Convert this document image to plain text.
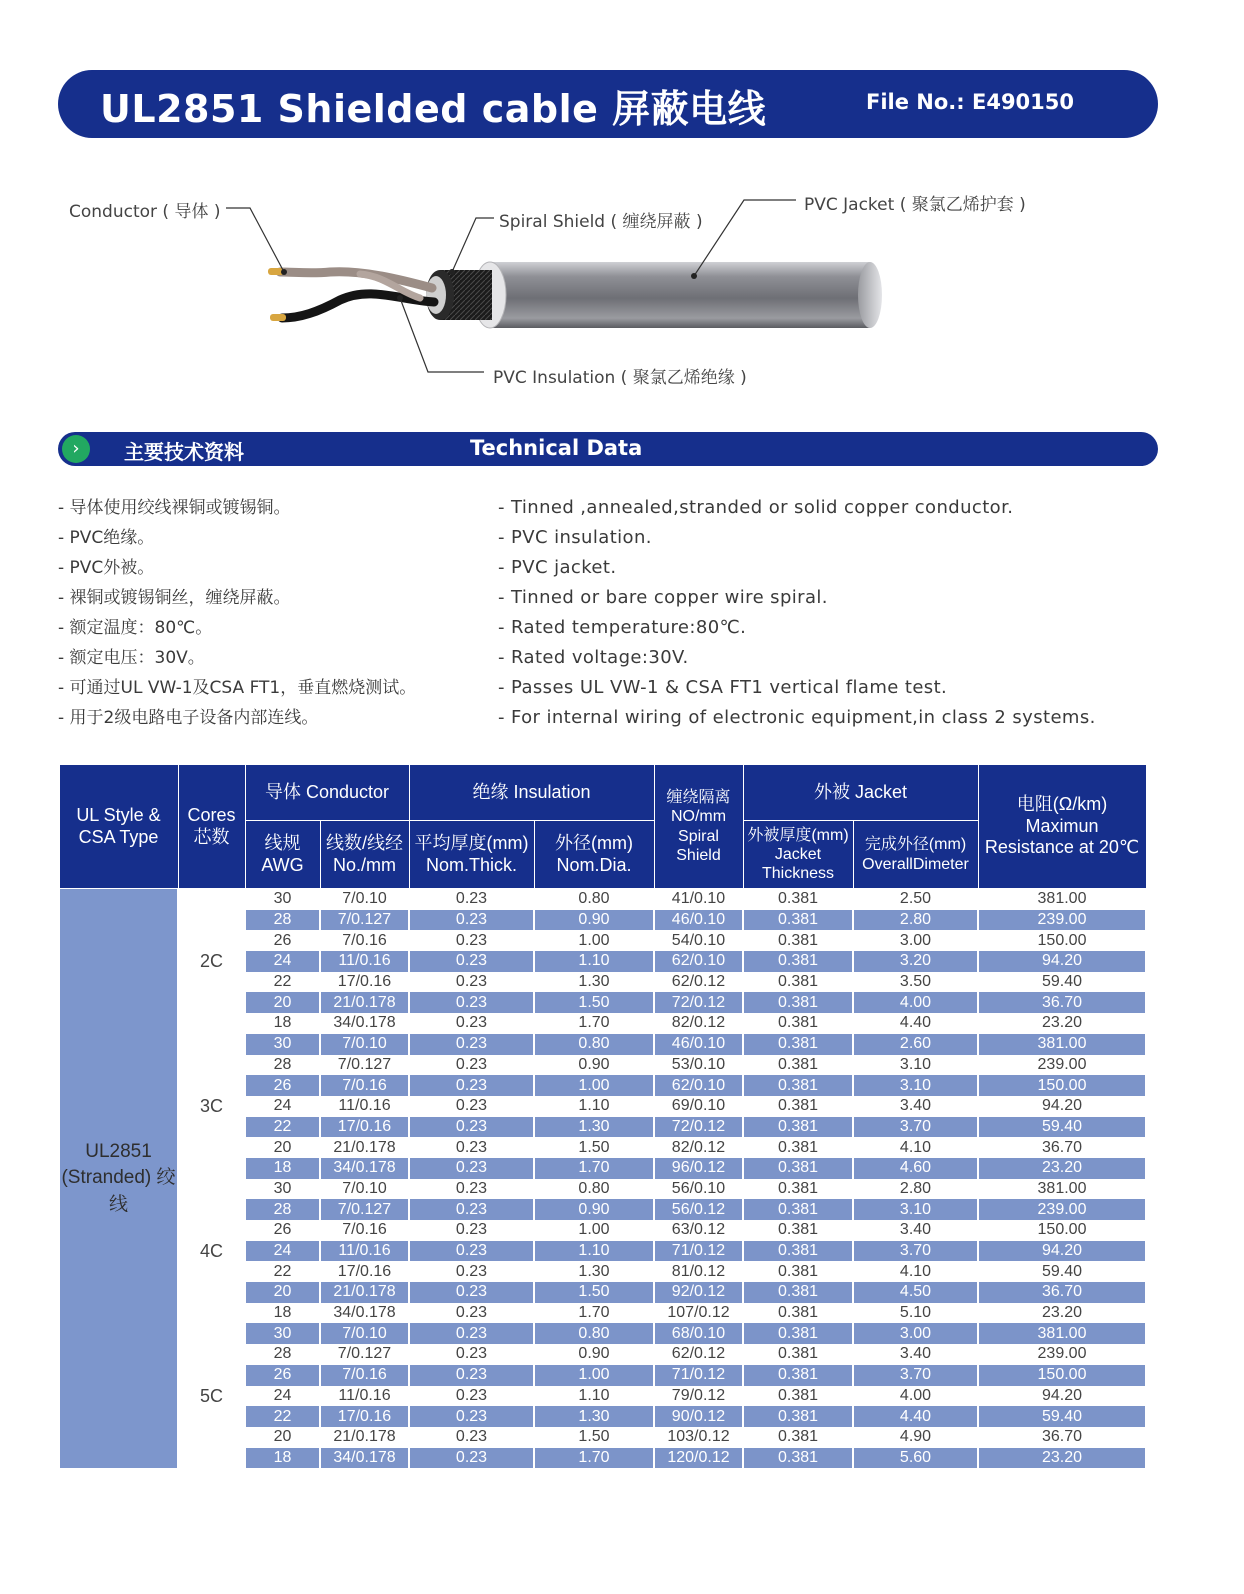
UL2851 Shielded cable 屏蔽电线	File No.: E490150
Conductor ( 导体 )	Spiral Shield ( 缠绕屏蔽 )
PVC Jacket ( 聚氯乙烯护套 )
PVC Insulation ( 聚氯乙烯绝缘 )
›	主要技术资料	Technical Data
- 导体使用绞线裸铜或镀锡铜。
- PVC绝缘。
- PVC外被。
- 裸铜或镀锡铜丝，缠绕屏蔽。
- 额定温度：80℃。
- 额定电压：30V。
- 可通过UL VW-1及CSA FT1，垂直燃烧测试。
- 用于2级电路电子设备内部连线。
- Tinned ,annealed,stranded or solid copper conductor.
- PVC insulation.
- PVC jacket.
- Tinned or bare copper wire spiral.
- Rated temperature:80℃.
- Rated voltage:30V.
- Passes UL VW-1 & CSA FT1 vertical flame test.
- For internal wiring of electronic equipment,in class 2 systems.
UL Style & CSA Type	Cores 芯数	导体 Conductor		绝缘 Insulation		缠绕隔离 NO/mm Spiral Shield	外被 Jacket		电阻(Ω/km) Maximun Resistance at 20℃
		线规 AWG	线数/线经 No./mm	平均厚度(mm) Nom.Thick.	外径(mm) Nom.Dia.		外被厚度(mm) Jacket Thickness	完成外径(mm) OverallDimeter	
UL2851 (Stranded) 绞线	2C	30	7/0.10	0.23	0.80	41/0.10	0.381	2.50	381.00
		28	7/0.127	0.23	0.90	46/0.10	0.381	2.80	239.00
		26	7/0.16	0.23	1.00	54/0.10	0.381	3.00	150.00
		24	11/0.16	0.23	1.10	62/0.10	0.381	3.20	94.20
		22	17/0.16	0.23	1.30	62/0.12	0.381	3.50	59.40
		20	21/0.178	0.23	1.50	72/0.12	0.381	4.00	36.70
		18	34/0.178	0.23	1.70	82/0.12	0.381	4.40	23.20
	3C	30	7/0.10	0.23	0.80	46/0.10	0.381	2.60	381.00
		28	7/0.127	0.23	0.90	53/0.10	0.381	3.10	239.00
		26	7/0.16	0.23	1.00	62/0.10	0.381	3.10	150.00
		24	11/0.16	0.23	1.10	69/0.10	0.381	3.40	94.20
		22	17/0.16	0.23	1.30	72/0.12	0.381	3.70	59.40
		20	21/0.178	0.23	1.50	82/0.12	0.381	4.10	36.70
		18	34/0.178	0.23	1.70	96/0.12	0.381	4.60	23.20
	4C	30	7/0.10	0.23	0.80	56/0.10	0.381	2.80	381.00
		28	7/0.127	0.23	0.90	56/0.12	0.381	3.10	239.00
		26	7/0.16	0.23	1.00	63/0.12	0.381	3.40	150.00
		24	11/0.16	0.23	1.10	71/0.12	0.381	3.70	94.20
		22	17/0.16	0.23	1.30	81/0.12	0.381	4.10	59.40
		20	21/0.178	0.23	1.50	92/0.12	0.381	4.50	36.70
		18	34/0.178	0.23	1.70	107/0.12	0.381	5.10	23.20
	5C	30	7/0.10	0.23	0.80	68/0.10	0.381	3.00	381.00
		28	7/0.127	0.23	0.90	62/0.12	0.381	3.40	239.00
		26	7/0.16	0.23	1.00	71/0.12	0.381	3.70	150.00
		24	11/0.16	0.23	1.10	79/0.12	0.381	4.00	94.20
		22	17/0.16	0.23	1.30	90/0.12	0.381	4.40	59.40
		20	21/0.178	0.23	1.50	103/0.12	0.381	4.90	36.70
		18	34/0.178	0.23	1.70	120/0.12	0.381	5.60	23.20
